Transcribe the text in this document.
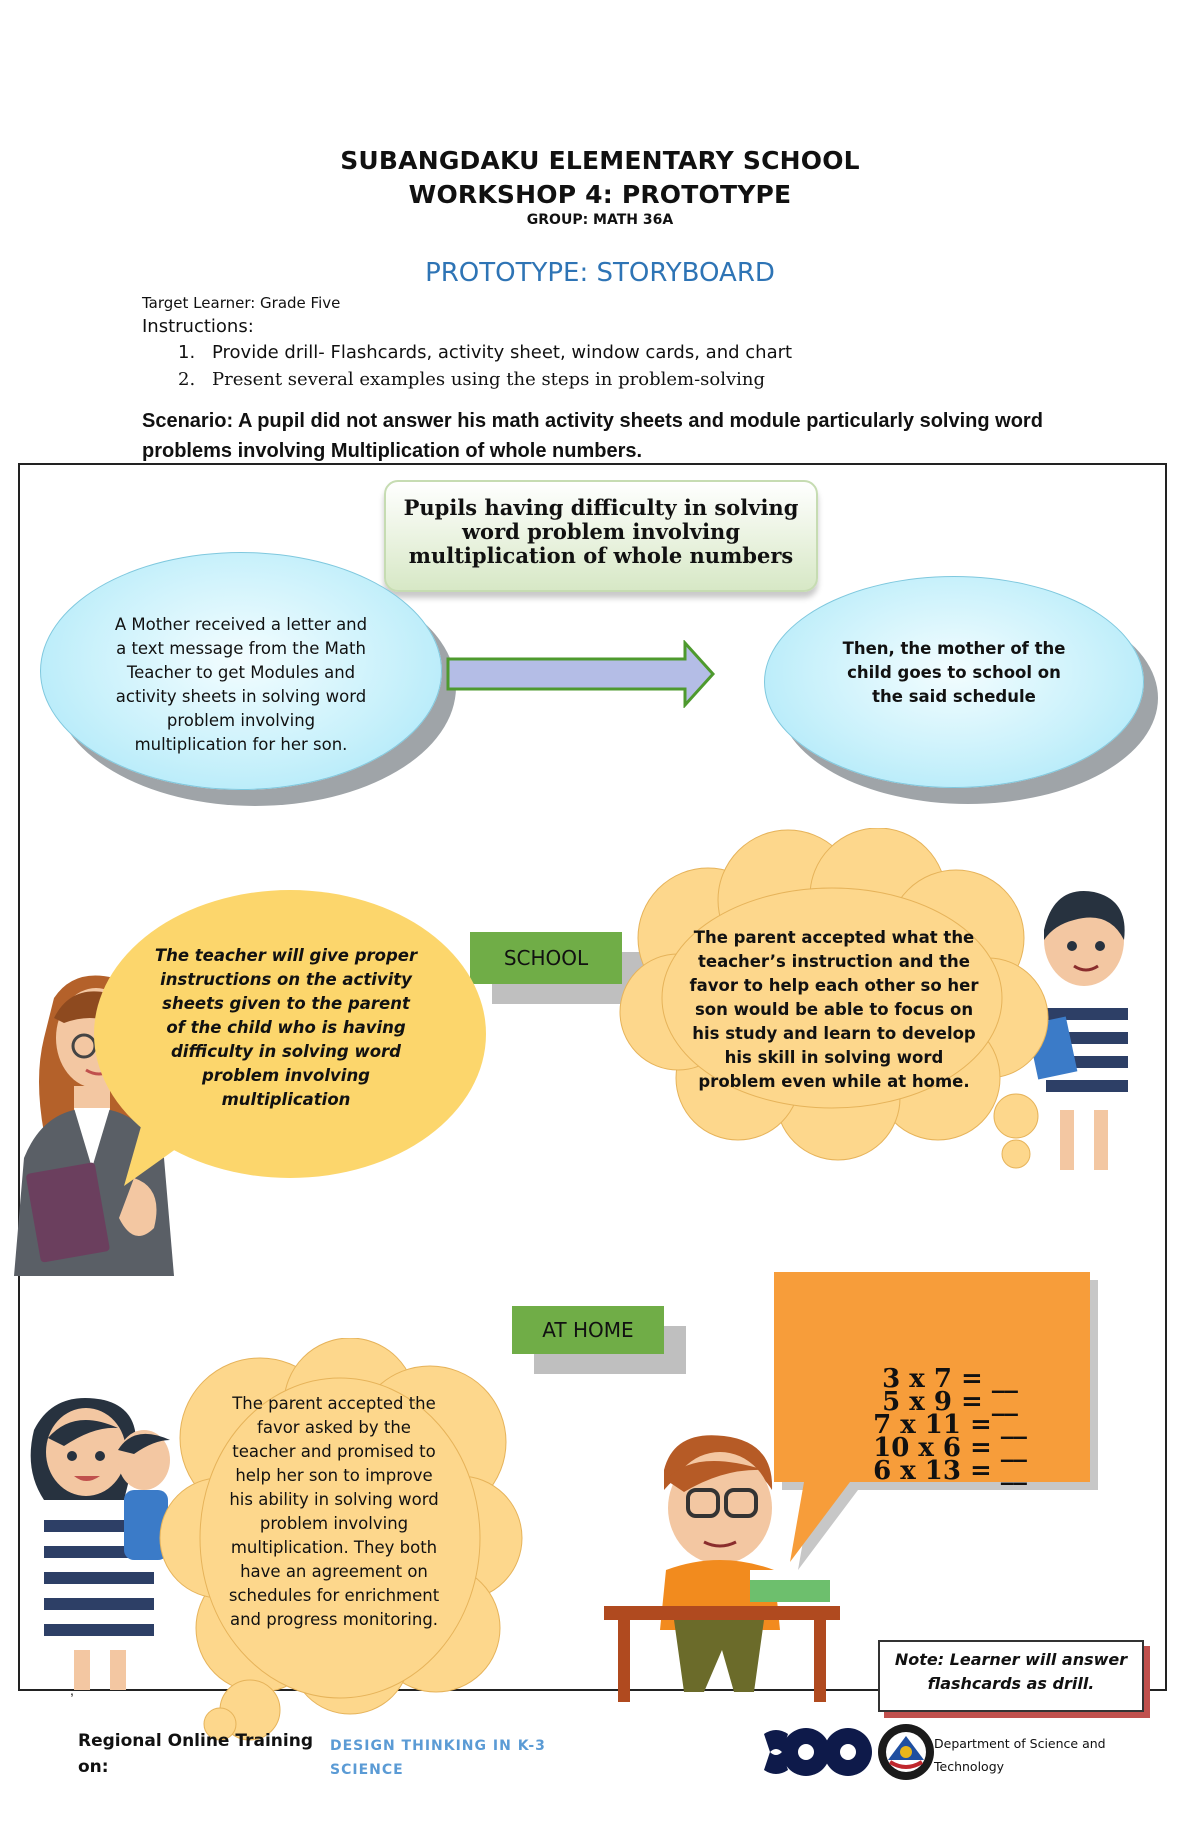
SUBANGDAKU ELEMENTARY SCHOOL
WORKSHOP 4: PROTOTYPE
GROUP: MATH 36A
PROTOTYPE: STORYBOARD
Target Learner: Grade Five
Instructions:
1. Provide drill- Flashcards, activity sheet, window cards, and chart
2. Present several examples using the steps in problem-solving
Scenario: A pupil did not answer his math activity sheets and module particularly solving word
problems involving Multiplication of whole numbers.
Pupils having difficulty in solving
word problem involving
multiplication of whole numbers
A Mother received a letter and
a text message from the Math
Teacher to get Modules and
activity sheets in solving word
problem involving
multiplication for her son.
Then, the mother of the
child goes to school on
the said schedule
SCHOOL
The teacher will give proper
instructions on the activity
sheets given to the parent
of the child who is having
difficulty in solving word
problem involving
multiplication
The parent accepted what the
teacher’s instruction and the
favor to help each other so her
son would be able to focus on
his study and learn to develop
his skill in solving word
problem even while at home.
AT HOME
The parent accepted the
favor asked by the
teacher and promised to
help her son to improve
his ability in solving word
problem involving
multiplication. They both
have an agreement on
schedules for enrichment
and progress monitoring.
3 x 7 = __
5 x 9 = __
7 x 11 = __
10 x 6 = __
6 x 13 = __
Note: Learner will answer
flashcards as drill.
,
Regional Online Training
on:
DESIGN THINKING IN K-3
SCIENCE
Department of Science and
Technology
